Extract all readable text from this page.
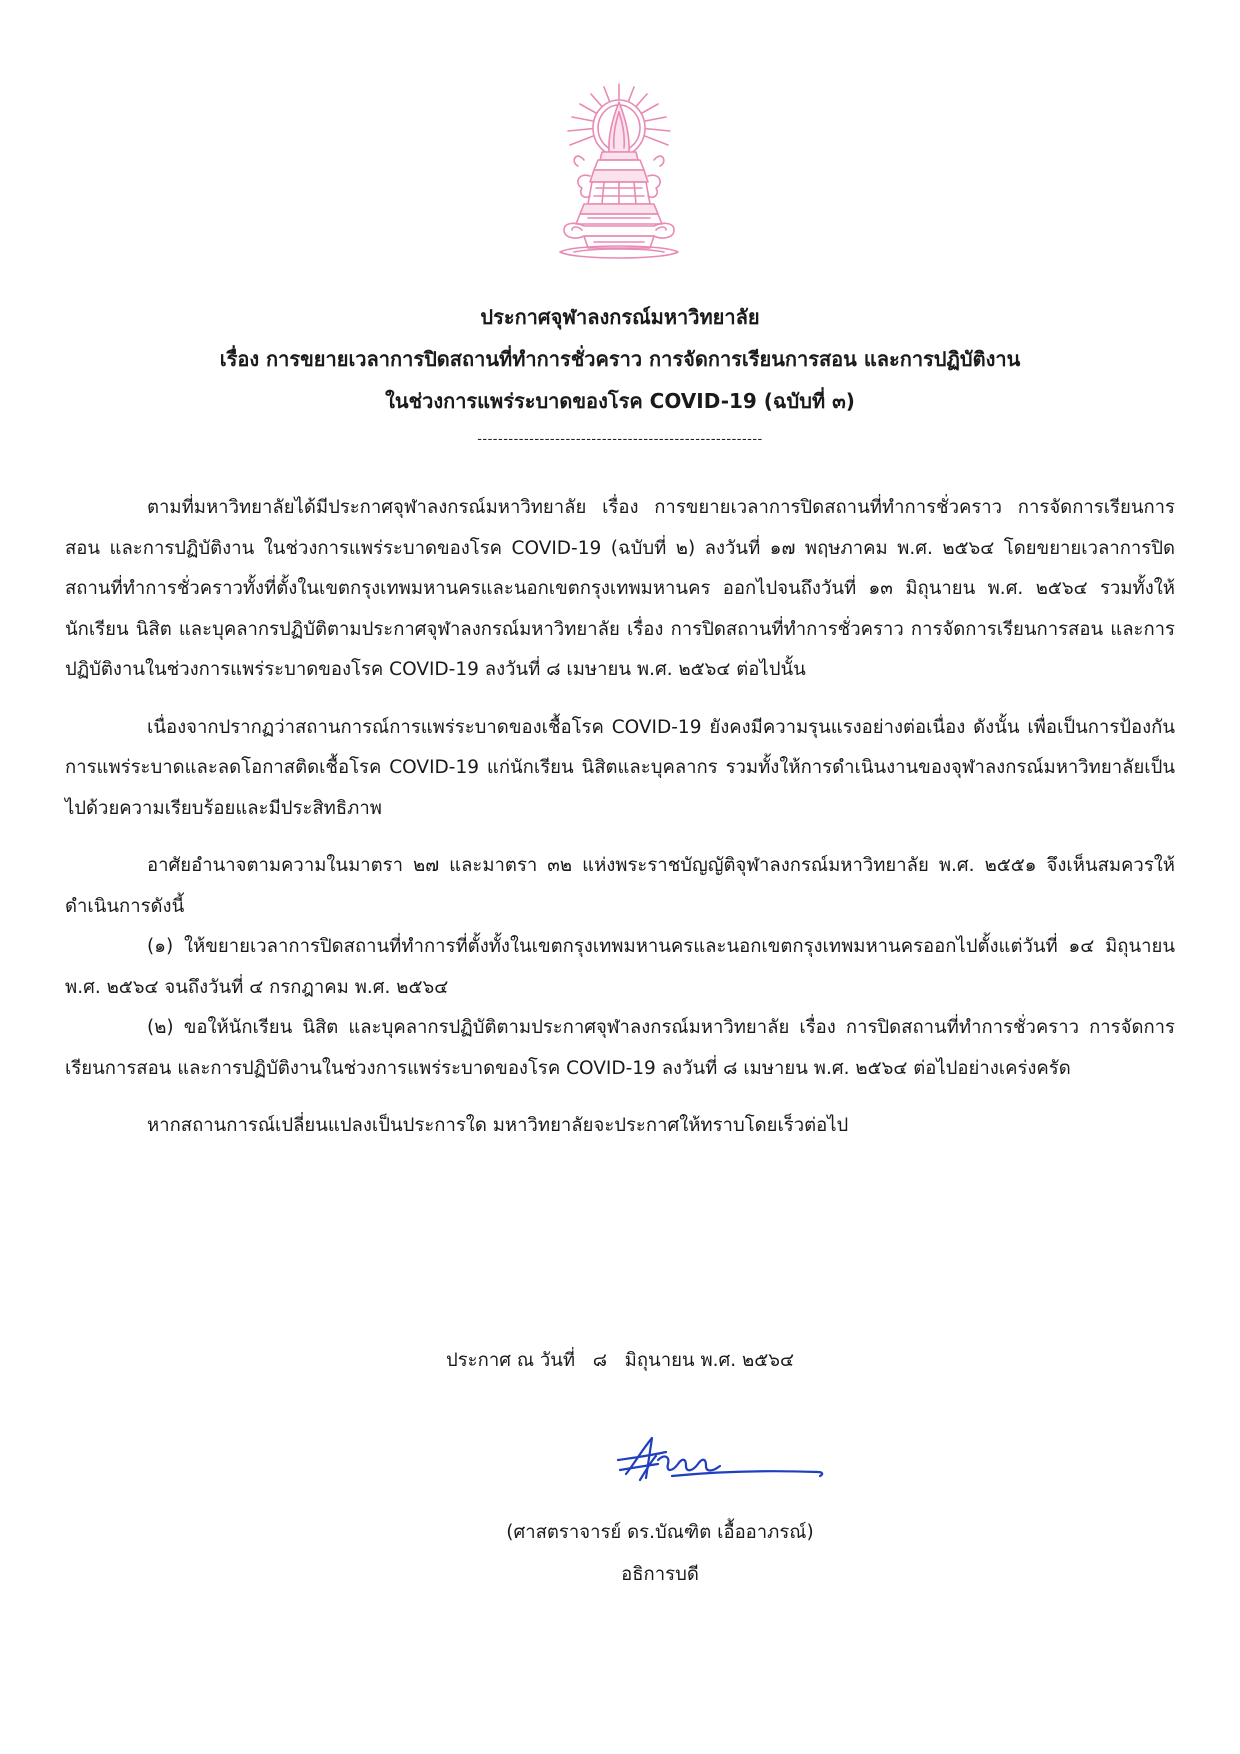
ประกาศจุฬาลงกรณ์มหาวิทยาลัย
เรื่อง การขยายเวลาการปิดสถานที่ทำการชั่วคราว การจัดการเรียนการสอน และการปฏิบัติงาน
ในช่วงการแพร่ระบาดของโรค COVID-19 (ฉบับที่ ๓)
-------------------------------------------------------

ตามที่มหาวิทยาลัยได้มีประกาศจุฬาลงกรณ์มหาวิทยาลัย เรื่อง การขยายเวลาการปิดสถานที่ทำการชั่วคราว การจัดการเรียนการสอน และการปฏิบัติงาน ในช่วงการแพร่ระบาดของโรค COVID-19 (ฉบับที่ ๒) ลงวันที่ ๑๗ พฤษภาคม พ.ศ. ๒๕๖๔ โดยขยายเวลาการปิดสถานที่ทำการชั่วคราวทั้งที่ตั้งในเขตกรุงเทพมหานครและนอกเขตกรุงเทพมหานคร ออกไปจนถึงวันที่ ๑๓ มิถุนายน พ.ศ. ๒๕๖๔ รวมทั้งให้นักเรียน นิสิต และบุคลากรปฏิบัติตามประกาศจุฬาลงกรณ์มหาวิทยาลัย เรื่อง การปิดสถานที่ทำการชั่วคราว การจัดการเรียนการสอน และการปฏิบัติงานในช่วงการแพร่ระบาดของโรค COVID-19 ลงวันที่ ๘ เมษายน พ.ศ. ๒๕๖๔ ต่อไปนั้น

เนื่องจากปรากฏว่าสถานการณ์การแพร่ระบาดของเชื้อโรค COVID-19 ยังคงมีความรุนแรงอย่างต่อเนื่อง ดังนั้น เพื่อเป็นการป้องกันการแพร่ระบาดและลดโอกาสติดเชื้อโรค COVID-19 แก่นักเรียน นิสิตและบุคลากร รวมทั้งให้การดำเนินงานของจุฬาลงกรณ์มหาวิทยาลัยเป็นไปด้วยความเรียบร้อยและมีประสิทธิภาพ

อาศัยอำนาจตามความในมาตรา ๒๗ และมาตรา ๓๒ แห่งพระราชบัญญัติจุฬาลงกรณ์มหาวิทยาลัย พ.ศ. ๒๕๕๑ จึงเห็นสมควรให้ดำเนินการดังนี้

(๑) ให้ขยายเวลาการปิดสถานที่ทำการที่ตั้งทั้งในเขตกรุงเทพมหานครและนอกเขตกรุงเทพมหานครออกไปตั้งแต่วันที่ ๑๔ มิถุนายน พ.ศ. ๒๕๖๔ จนถึงวันที่ ๔ กรกฎาคม พ.ศ. ๒๕๖๔

(๒) ขอให้นักเรียน นิสิต และบุคลากรปฏิบัติตามประกาศจุฬาลงกรณ์มหาวิทยาลัย เรื่อง การปิดสถานที่ทำการชั่วคราว การจัดการเรียนการสอน และการปฏิบัติงานในช่วงการแพร่ระบาดของโรค COVID-19 ลงวันที่ ๘ เมษายน พ.ศ. ๒๕๖๔ ต่อไปอย่างเคร่งครัด

หากสถานการณ์เปลี่ยนแปลงเป็นประการใด มหาวิทยาลัยจะประกาศให้ทราบโดยเร็วต่อไป

ประกาศ ณ วันที่   ๘   มิถุนายน พ.ศ. ๒๕๖๔
(ศาสตราจารย์ ดร.บัณฑิต เอื้ออาภรณ์)
อธิการบดี
